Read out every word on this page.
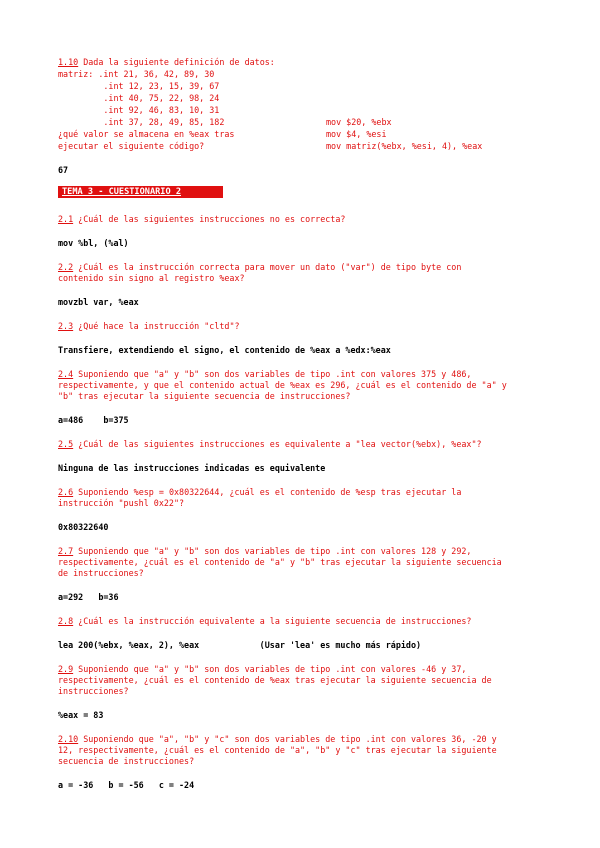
1.10 Dada la siguiente definición de datos:
matriz: .int 21, 36, 42, 89, 30
.int 12, 23, 15, 39, 67
.int 40, 75, 22, 98, 24
.int 92, 46, 83, 10, 31
.int 37, 28, 49, 85, 182	mov $20, %ebx
¿qué valor se almacena en %eax tras	mov $4, %esi
ejecutar el siguiente código?	mov matriz(%ebx, %esi, 4), %eax
67
TEMA 3 - CUESTIONARIO 2
2.1 ¿Cuál de las siguientes instrucciones no es correcta?
mov %bl, (%al)
2.2 ¿Cuál es la instrucción correcta para mover un dato ("var") de tipo byte con
contenido sin signo al registro %eax?
movzbl var, %eax
2.3 ¿Qué hace la instrucción "cltd"?
Transfiere, extendiendo el signo, el contenido de %eax a %edx:%eax
2.4 Suponiendo que "a" y "b" son dos variables de tipo .int con valores 375 y 486,
respectivamente, y que el contenido actual de %eax es 296, ¿cuál es el contenido de "a" y
"b" tras ejecutar la siguiente secuencia de instrucciones?
a=486    b=375
2.5 ¿Cuál de las siguientes instrucciones es equivalente a "lea vector(%ebx), %eax"?
Ninguna de las instrucciones indicadas es equivalente
2.6 Suponiendo %esp = 0x80322644, ¿cuál es el contenido de %esp tras ejecutar la
instrucción "pushl 0x22"?
0x80322640
2.7 Suponiendo que "a" y "b" son dos variables de tipo .int con valores 128 y 292,
respectivamente, ¿cuál es el contenido de "a" y "b" tras ejecutar la siguiente secuencia
de instrucciones?
a=292   b=36
2.8 ¿Cuál es la instrucción equivalente a la siguiente secuencia de instrucciones?
lea 200(%ebx, %eax, 2), %eax            (Usar 'lea' es mucho más rápido)
2.9 Suponiendo que "a" y "b" son dos variables de tipo .int con valores -46 y 37,
respectivamente, ¿cuál es el contenido de %eax tras ejecutar la siguiente secuencia de
instrucciones?
%eax = 83
2.10 Suponiendo que "a", "b" y "c" son dos variables de tipo .int con valores 36, -20 y
12, respectivamente, ¿cuál es el contenido de "a", "b" y "c" tras ejecutar la siguiente
secuencia de instrucciones?
a = -36   b = -56   c = -24
